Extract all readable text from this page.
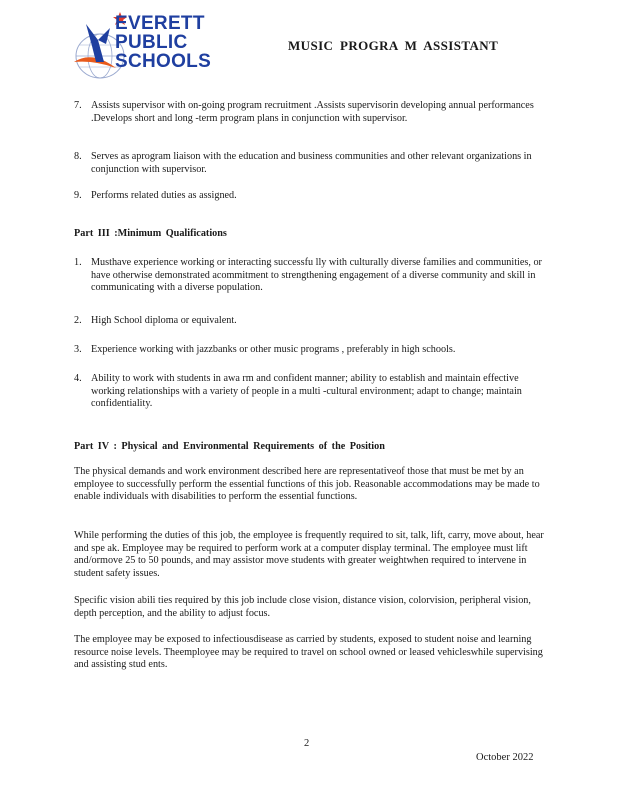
EVERETT
PUBLIC
SCHOOLS
MUSIC PROGRA M ASSISTANT
7. Assists supervisor with on-going program recruitment .Assists supervisorin developing annual performances .Develops short and long -term program plans in conjunction with supervisor.
8. Serves as aprogram liaison with the education and business communities and other relevant organizations in conjunction with supervisor.
9. Performs related duties as assigned.
Part III :Minimum Qualifications
1. Musthave experience working or interacting successfu lly with culturally diverse families and communities, or have otherwise demonstrated acommitment to strengthening engagement of a diverse community and skill in communicating with a diverse population.
2. High School diploma or equivalent.
3. Experience working with jazzbanks or other music programs , preferably in high schools.
4. Ability to work with students in awa rm and confident manner; ability to establish and maintain effective working relationships with a variety of people in a multi -cultural environment; adapt to change; maintain confidentiality.
Part IV : Physical and Environmental Requirements of the Position
The physical demands and work environment described here are representativeof those that must be met by an employee to successfully perform the essential functions of this job. Reasonable accommodations may be made to enable individuals with disabilities to perform the essential functions.
While performing the duties of this job, the employee is frequently required to sit, talk, lift, carry, move about, hear and spe ak. Employee may be required to perform work at a computer display terminal. The employee must lift and/ormove 25 to 50 pounds, and may assistor move students with greater weightwhen required to intervene in student safety issues.
Specific vision abili ties required by this job include close vision, distance vision, colorvision, peripheral vision, depth perception, and the ability to adjust focus.
The employee may be exposed to infectiousdisease as carried by students, exposed to student noise and learning resource noise levels. Theemployee may be required to travel on school owned or leased vehicleswhile supervising and assisting stud ents.
2
October 2022
